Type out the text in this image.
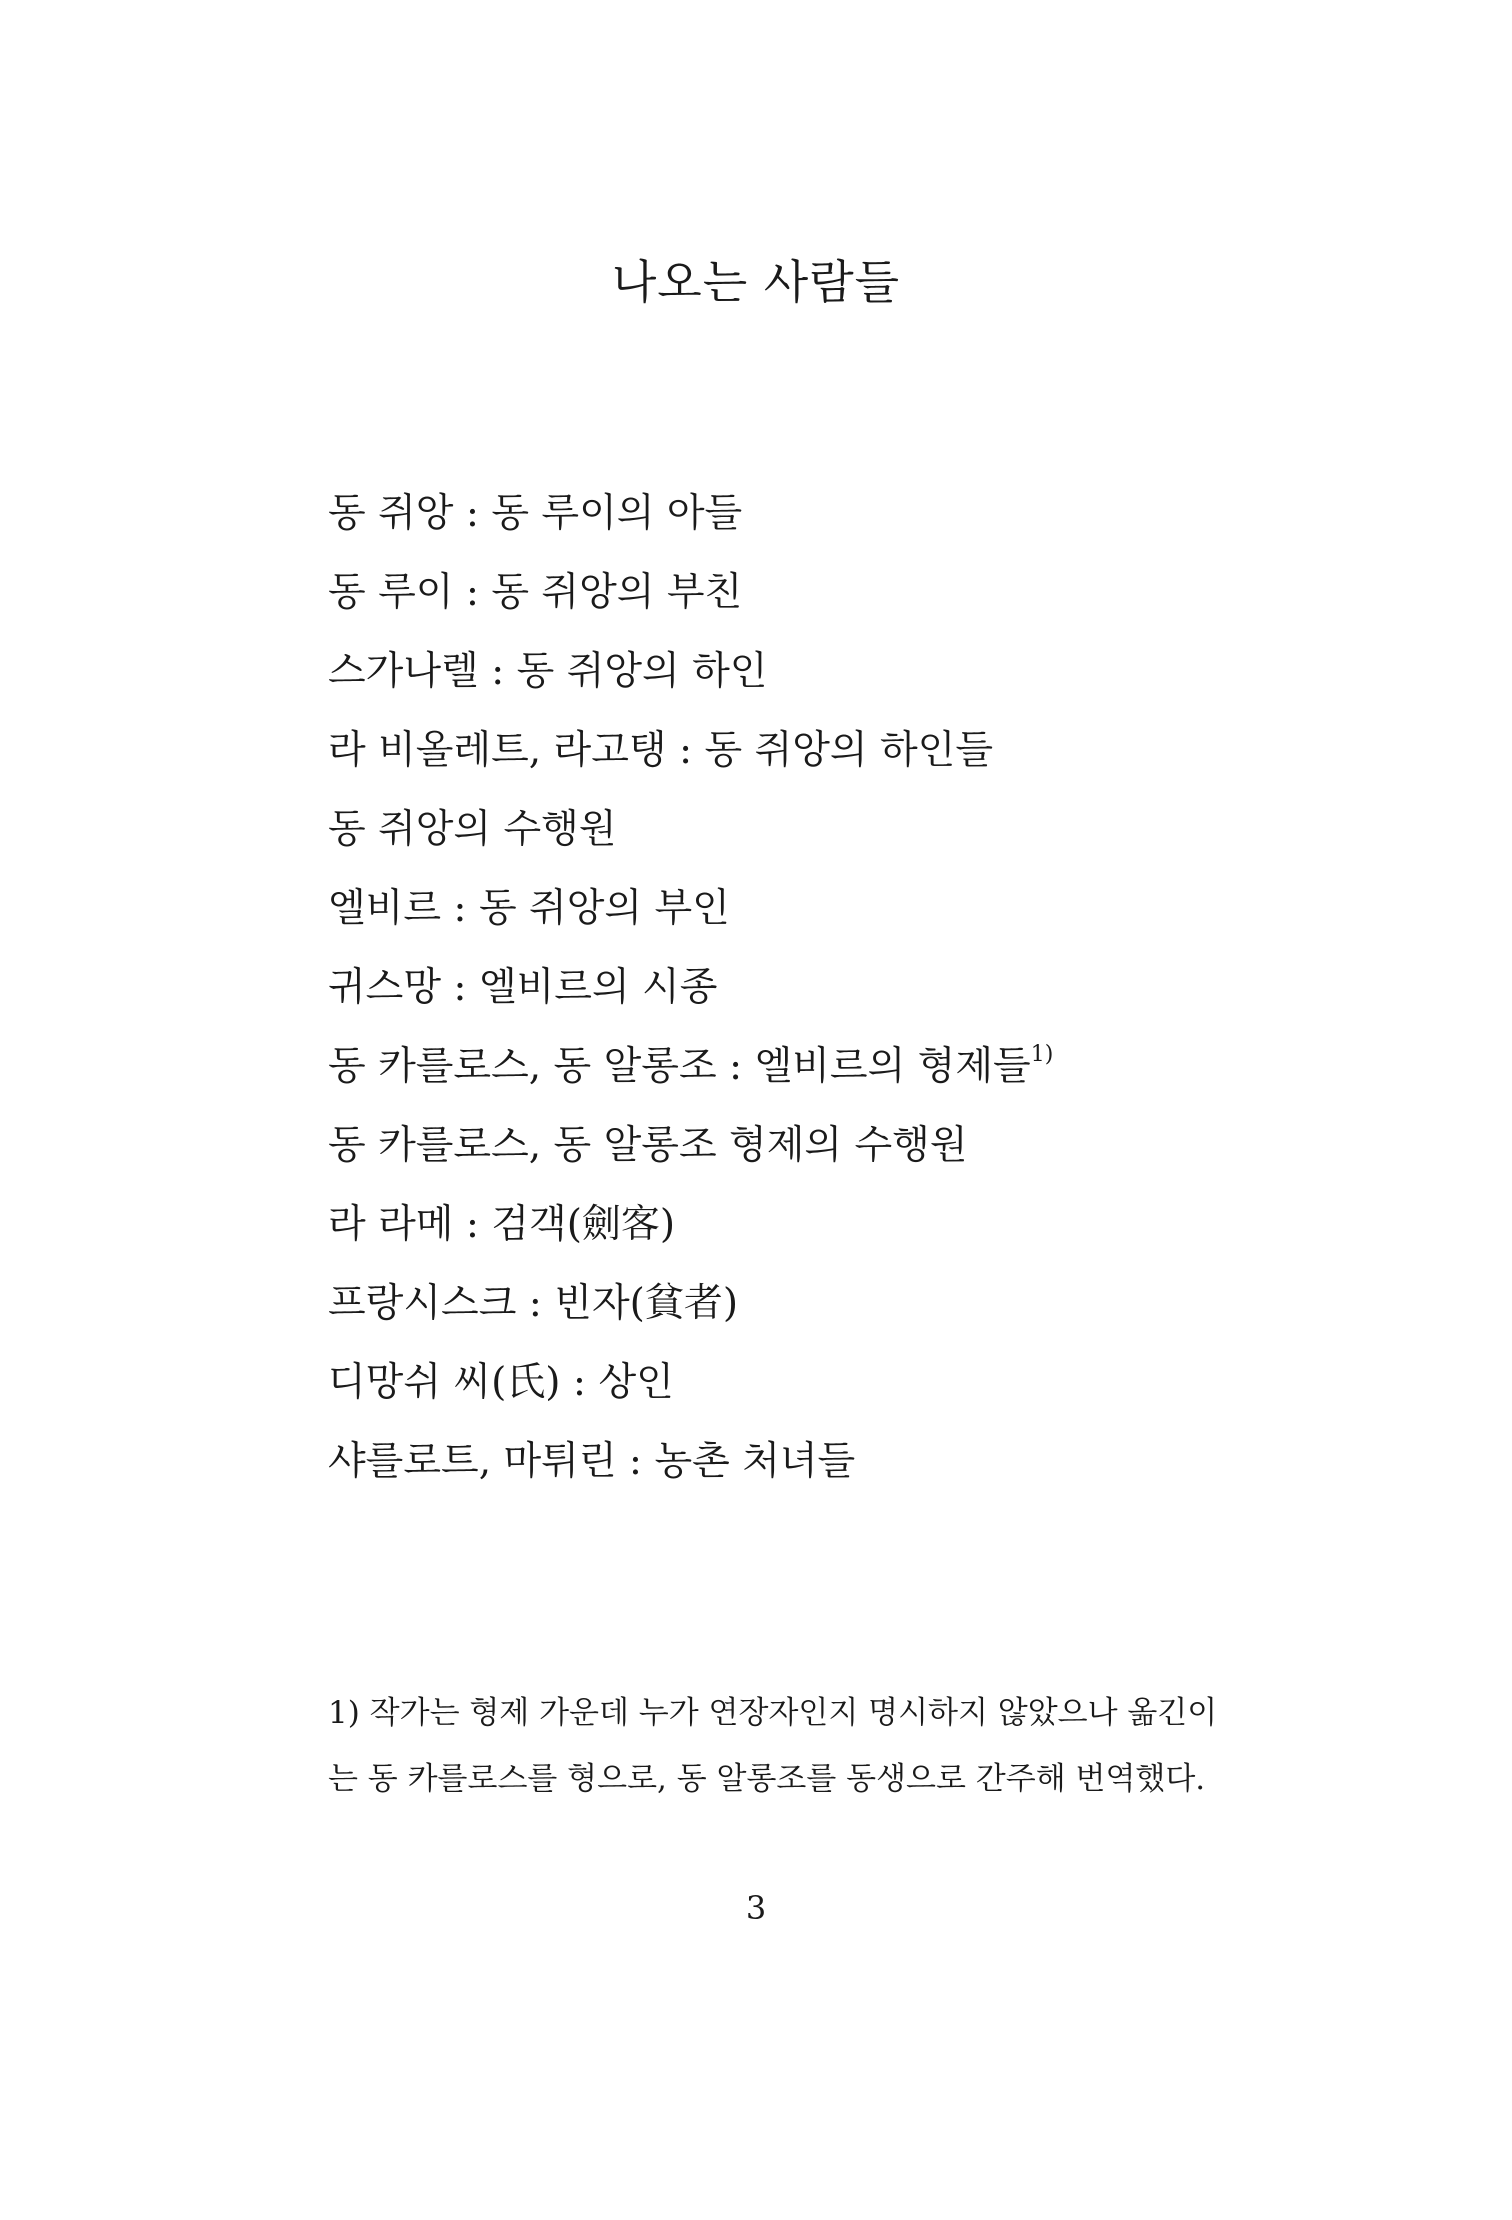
나오는 사람들
동 쥐앙 : 동 루이의 아들
동 루이 : 동 쥐앙의 부친
스가나렐 : 동 쥐앙의 하인
라 비올레트, 라고탱 : 동 쥐앙의 하인들
동 쥐앙의 수행원
엘비르 : 동 쥐앙의 부인
귀스망 : 엘비르의 시종
동 카를로스, 동 알롱조 : 엘비르의 형제들$^{1)}$
동 카를로스, 동 알롱조 형제의 수행원
라 라메 : 검객(劍客)
프랑시스크 : 빈자(貧者)
디망쉬 씨(氏) : 상인
샤를로트, 마튀린 : 농촌 처녀들

1) 작가는 형제 가운데 누가 연장자인지 명시하지 않았으나 옮긴이

는 동 카를로스를 형으로, 동 알롱조를 동생으로 간주해 번역했다.

3
